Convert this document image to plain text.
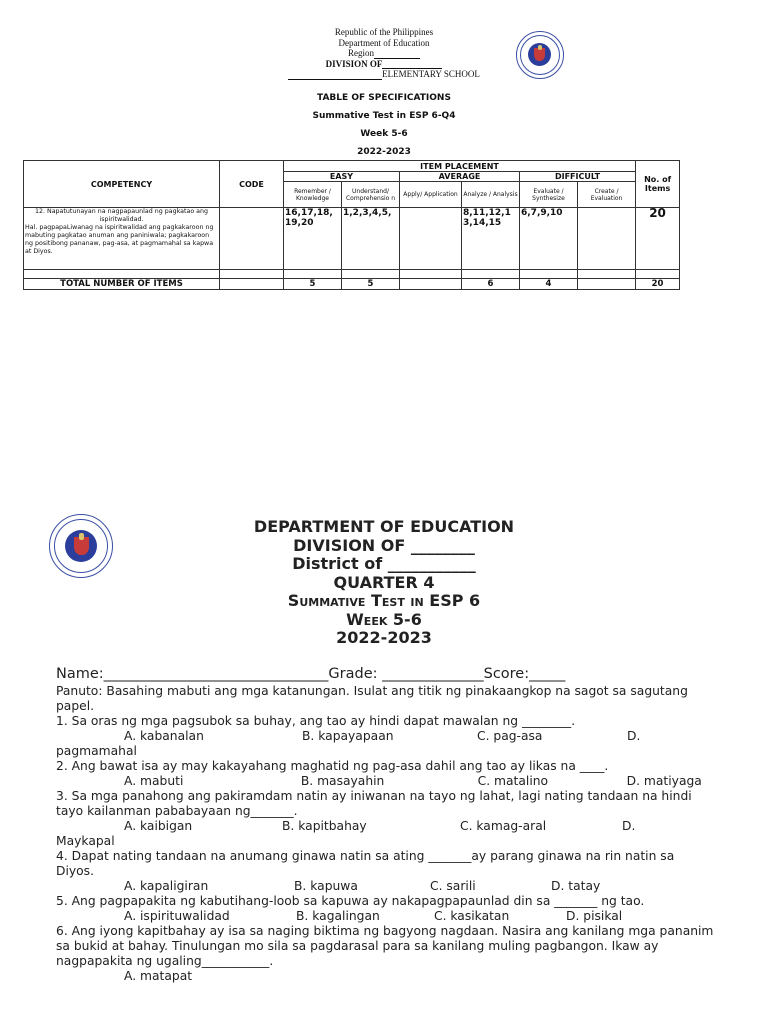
Republic of the Philippines
Department of Education
Region
DIVISION OF
ELEMENTARY SCHOOL
TABLE OF SPECIFICATIONS
Summative Test in ESP 6-Q4
Week 5-6
2022-2023
COMPETENCY	CODE	ITEM PLACEMENT						No. of Items
		EASY		AVERAGE		DIFFICULT		
		Remember / Knowledge	Understand/ Comprehensio n	Apply/ Application	Analyze / Analysis	Evaluate / Synthesize	Create / Evaluation	

12. Napatutunayan na nagpapaunlad ng pagkatao ang ispiritwalidad.

Hal. pagpapaLiwanag na ispiritwalidad ang pagkakaroon ng mabuting pagkatao anuman ang paniniwala; pagkakaroon ng positibong pananaw, pag-asa, at pagmamahal sa kapwa at Diyos.		16,17,18, 19,20	1,2,3,4,5,		8,11,12,1 3,14,15	6,7,9,10		20

TOTAL NUMBER OF ITEMS		5	5		6	4		20
DEPARTMENT OF EDUCATION
DIVISION OF ________
District of ___________
QUARTER 4
Summative Test in ESP 6
Week 5-6
2022-2023
Name:_______________________________Grade: ______________Score:_____
Panuto: Basahing mabuti ang mga katanungan. Isulat ang titik ng pinakaangkop na sagot sa sagutang papel.
1. Sa oras ng mga pagsubok sa buhay, ang tao ay hindi dapat mawalan ng ________.
A. kabanalan	B. kapayapaan	C. pag-asa	D.
pagmamahal
2. Ang bawat isa ay may kakayahang maghatid ng pag-asa dahil ang tao ay likas na ____.
A. mabuti	B. masayahin	C. matalino	D. matiyaga
3. Sa mga panahong ang pakiramdam natin ay iniwanan na tayo ng lahat, lagi nating tandaan na hindi tayo kailanman pababayaan ng_______.
A. kaibigan	B. kapitbahay	C. kamag-aral	D.
Maykapal
4. Dapat nating tandaan na anumang ginawa natin sa ating _______ay parang ginawa na rin natin sa Diyos.
A. kapaligiran	B. kapuwa	C. sarili	D. tatay
5. Ang pagpapakita ng kabutihang-loob sa kapuwa ay nakapagpapaunlad din sa _______ ng tao.
A. ispirituwalidad	B. kagalingan	C. kasikatan	D. pisikal
6. Ang iyong kapitbahay ay isa sa naging biktima ng bagyong nagdaan. Nasira ang kanilang mga pananim sa bukid at bahay. Tinulungan mo sila sa pagdarasal para sa kanilang muling pagbangon. Ikaw ay nagpapakita ng ugaling___________.
A. matapat
